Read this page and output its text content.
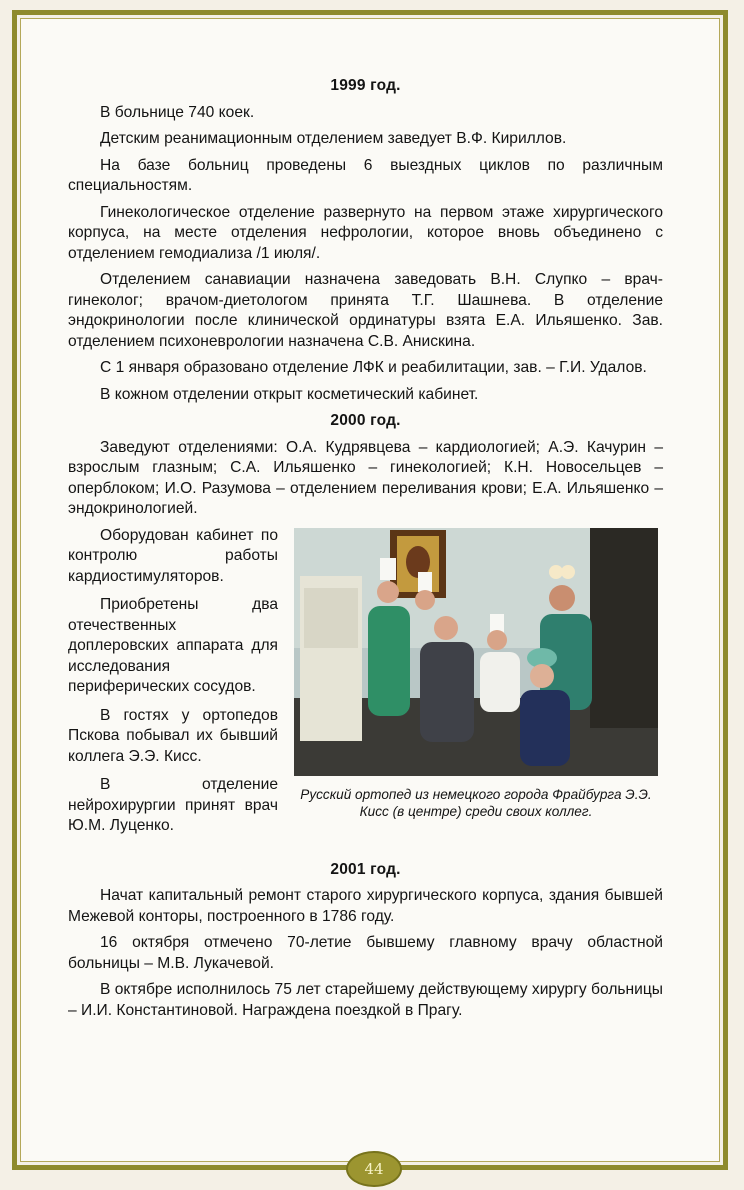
1999 год.

В больнице 740 коек.

Детским реанимационным отделением заведует В.Ф. Кириллов.

На базе больниц проведены 6 выездных циклов по различным специальностям.

Гинекологическое отделение развернуто на первом этаже хирургического корпуса, на месте отделения нефрологии, которое вновь объединено с отделением гемодиализа /1 июля/.

Отделением санавиации назначена заведовать В.Н. Слупко – врач-гинеколог; врачом-диетологом принята Т.Г. Шашнева. В отделение эндокринологии после клинической ординатуры взята Е.А. Ильяшенко. Зав. отделением психоневрологии назначена С.В. Анискина.

С 1 января образовано отделение ЛФК и реабилитации, зав. – Г.И. Удалов.

В кожном отделении открыт косметический кабинет.

2000 год.

Заведуют отделениями: О.А. Кудрявцева – кардиологией; А.Э. Качурин – взрослым глазным; С.А. Ильяшенко – гинекологией; К.Н. Новосельцев – оперблоком; И.О. Разумова – отделением переливания крови; Е.А. Ильяшенко – эндокринологией.

Оборудован кабинет по контролю работы кардиостимуляторов.

Приобретены два отечественных доплеровских аппарата для исследования периферических сосудов.

В гостях у ортопедов Пскова побывал их бывший коллега Э.Э. Кисс.

В отделение нейрохирургии принят врач Ю.М. Луценко.

Русский ортопед из немецкого города Фрайбурга Э.Э. Кисс (в центре) среди своих коллег.
2001 год.

Начат капитальный ремонт старого хирургического корпуса, здания бывшей Межевой конторы, построенного в 1786 году.

16 октября отмечено 70-летие бывшему главному врачу областной больницы – М.В. Лукачевой.

В октябре исполнилось 75 лет старейшему действующему хирургу больницы – И.И. Константиновой. Награждена поездкой в Прагу.

44
